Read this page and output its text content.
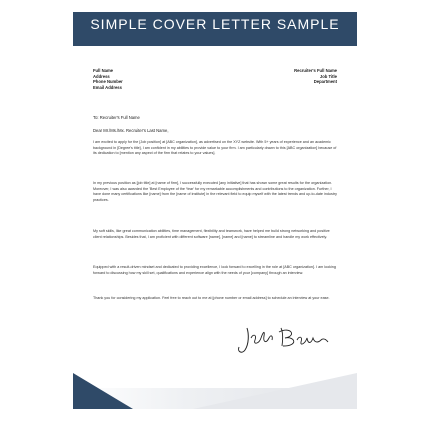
SIMPLE COVER LETTER SAMPLE
Full Name
Address
Phone Number
Email Address
Recruiter's Full Name
Job Title
Department
To: Recruiter's Full Name
Dear Mr./Ms./Mx. Recruiter's Last Name,
I am excited to apply for the [Job position] at [ABC organization], as advertised on the XYZ website. With 5+ years of experience and an academic background in [Degree's title], I am confident in my abilities to provide value to your firm. I am particularly drawn to this [ABC organization] because of its dedication to [mention any aspect of the firm that relates to your values].
In my previous position as [job title] at [name of firm], I successfully executed [any initiative] that has shown some great results for the organization. Moreover, I was also awarded the 'Best Employee of the Year' for my remarkable accomplishments and contributions to the organization. Further, I have done many certifications like [name] from the [name of institute] in the relevant field to equip myself with the latest trends and up-to-date industry practices.
My soft skills, like great communication abilities, time management, flexibility and teamwork, have helped me build strong networking and positive client relationships. Besides that, I am proficient with different software [name], [name] and [name] to streamline and handle my work effectively.
Equipped with a result-driven mindset and dedicated to providing excellence, I look forward to excelling in the role at [ABC organization]. I am looking forward to discussing how my skill set, qualifications and experience align with the needs of your [company] through an interview.
Thank you for considering my application. Feel free to reach out to me at [phone number or email address] to schedule an interview at your ease.
